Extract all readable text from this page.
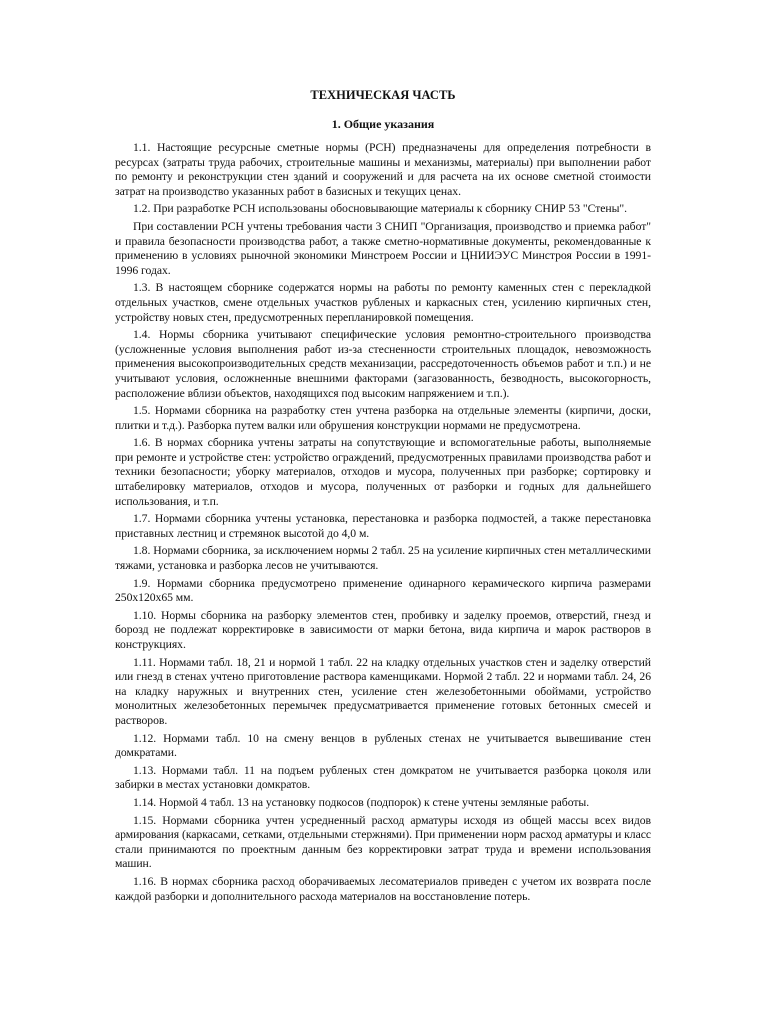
ТЕХНИЧЕСКАЯ ЧАСТЬ
1. Общие указания

1.1. Настоящие ресурсные сметные нормы (РСН) предназначены для определения потребности в ресурсах (затраты труда рабочих, строительные машины и механизмы, материалы) при выполнении работ по ремонту и реконструкции стен зданий и сооружений и для расчета на их основе сметной стоимости затрат на производство указанных работ в базисных и текущих ценах.

1.2. При разработке РСН использованы обосновывающие материалы к сборнику СНИР 53 "Стены".

При составлении РСН учтены требования части 3 СНИП "Организация, производство и приемка работ" и правила безопасности производства работ, а также сметно-нормативные документы, рекомендованные к применению в условиях рыночной экономики Минстроем России и ЦНИИЭУС Минстроя России в 1991-1996 годах.

1.3. В настоящем сборнике содержатся нормы на работы по ремонту каменных стен с перекладкой отдельных участков, смене отдельных участков рубленых и каркасных стен, усилению кирпичных стен, устройству новых стен, предусмотренных перепланировкой помещения.

1.4. Нормы сборника учитывают специфические условия ремонтно-строительного производства (усложненные условия выполнения работ из-за стесненности строительных площадок, невозможность применения высокопроизводительных средств механизации, рассредоточенность объемов работ и т.п.) и не учитывают условия, осложненные внешними факторами (загазованность, безводность, высокогорность, расположение вблизи объектов, находящихся под высоким напряжением и т.п.).

1.5. Нормами сборника на разработку стен учтена разборка на отдельные элементы (кирпичи, доски, плитки и т.д.). Разборка путем валки или обрушения конструкции нормами не предусмотрена.

1.6. В нормах сборника учтены затраты на сопутствующие и вспомогательные работы, выполняемые при ремонте и устройстве стен: устройство ограждений, предусмотренных правилами производства работ и техники безопасности; уборку материалов, отходов и мусора, полученных при разборке; сортировку и штабелировку материалов, отходов и мусора, полученных от разборки и годных для дальнейшего использования, и т.п.

1.7. Нормами сборника учтены установка, перестановка и разборка подмостей, а также перестановка приставных лестниц и стремянок высотой до 4,0 м.

1.8. Нормами сборника, за исключением нормы 2 табл. 25 на усиление кирпичных стен металлическими тяжами, установка и разборка лесов не учитываются.

1.9. Нормами сборника предусмотрено применение одинарного керамического кирпича размерами 250х120х65 мм.

1.10. Нормы сборника на разборку элементов стен, пробивку и заделку проемов, отверстий, гнезд и борозд не подлежат корректировке в зависимости от марки бетона, вида кирпича и марок растворов в конструкциях.

1.11. Нормами табл. 18, 21 и нормой 1 табл. 22 на кладку отдельных участков стен и заделку отверстий или гнезд в стенах учтено приготовление раствора каменщиками. Нормой 2 табл. 22 и нормами табл. 24, 26 на кладку наружных и внутренних стен, усиление стен железобетонными обоймами, устройство монолитных железобетонных перемычек предусматривается применение готовых бетонных смесей и растворов.

1.12. Нормами табл. 10 на смену венцов в рубленых стенах не учитывается вывешивание стен домкратами.

1.13. Нормами табл. 11 на подъем рубленых стен домкратом не учитывается разборка цоколя или забирки в местах установки домкратов.

1.14. Нормой 4 табл. 13 на установку подкосов (подпорок) к стене учтены земляные работы.

1.15. Нормами сборника учтен усредненный расход арматуры исходя из общей массы всех видов армирования (каркасами, сетками, отдельными стержнями). При применении норм расход арматуры и класс стали принимаются по проектным данным без корректировки затрат труда и времени использования машин.

1.16. В нормах сборника расход оборачиваемых лесоматериалов приведен с учетом их возврата после каждой разборки и дополнительного расхода материалов на восстановление потерь.
